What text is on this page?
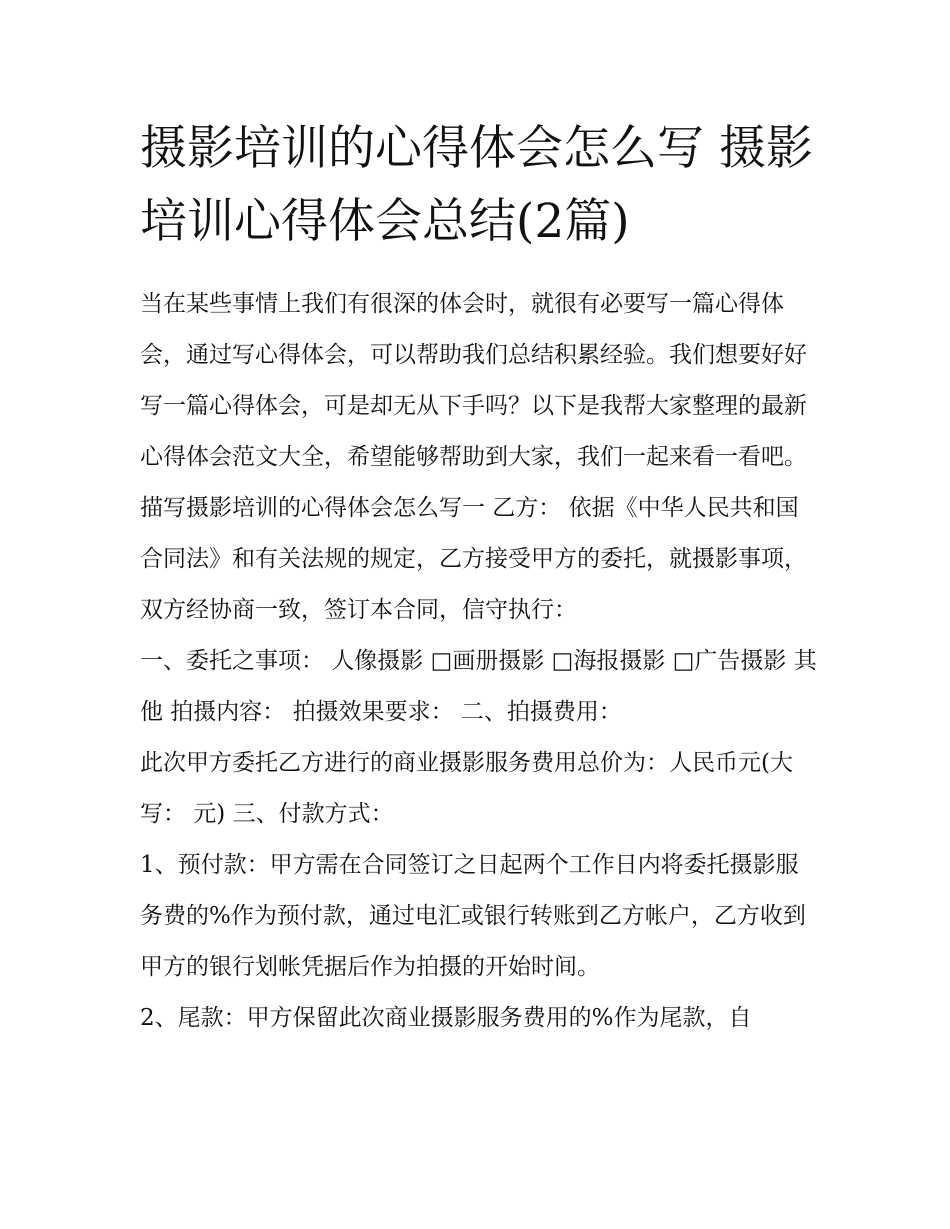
摄影培训的心得体会怎么写 摄影培训心得体会总结(2篇)

当在某些事情上我们有很深的体会时，就很有必要写一篇心得体会，通过写心得体会，可以帮助我们总结积累经验。我们想要好好写一篇心得体会，可是却无从下手吗？以下是我帮大家整理的最新心得体会范文大全，希望能够帮助到大家，我们一起来看一看吧。

描写摄影培训的心得体会怎么写一 乙方： 依据《中华人民共和国合同法》和有关法规的规定，乙方接受甲方的委托，就摄影事项，双方经协商一致，签订本合同，信守执行：

一、委托之事项： 人像摄影 □画册摄影 □海报摄影 □广告摄影 其他 拍摄内容： 拍摄效果要求： 二、拍摄费用：

此次甲方委托乙方进行的商业摄影服务费用总价为：人民币元(大写： 元) 三、付款方式：

1、预付款：甲方需在合同签订之日起两个工作日内将委托摄影服务费的%作为预付款，通过电汇或银行转账到乙方帐户，乙方收到甲方的银行划帐凭据后作为拍摄的开始时间。

2、尾款：甲方保留此次商业摄影服务费用的%作为尾款，自
